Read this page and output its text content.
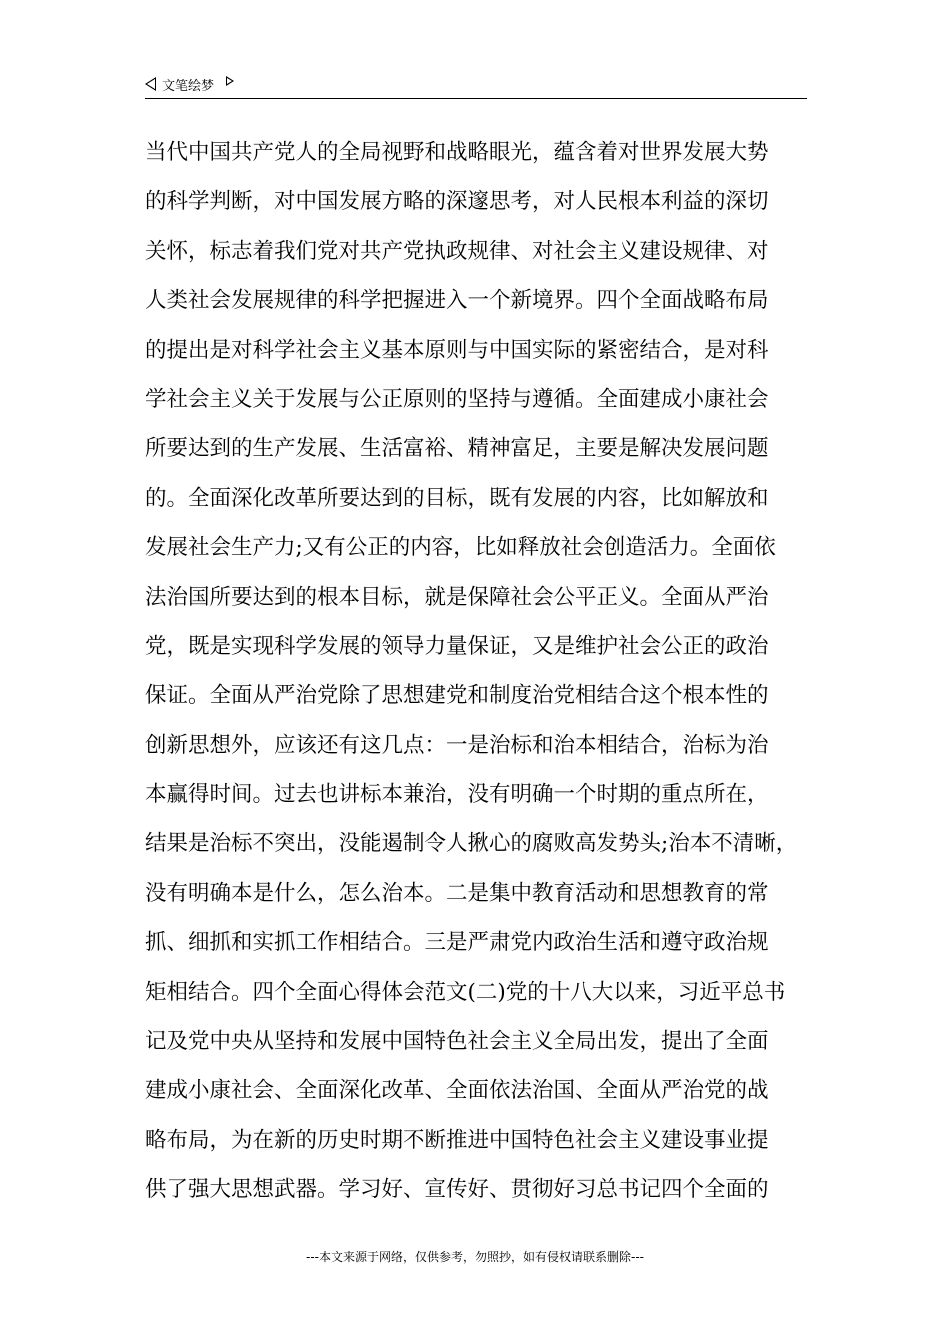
文笔绘梦
当代中国共产党人的全局视野和战略眼光，蕴含着对世界发展大势
的科学判断，对中国发展方略的深邃思考，对人民根本利益的深切
关怀，标志着我们党对共产党执政规律、对社会主义建设规律、对
人类社会发展规律的科学把握进入一个新境界。四个全面战略布局
的提出是对科学社会主义基本原则与中国实际的紧密结合，是对科
学社会主义关于发展与公正原则的坚持与遵循。全面建成小康社会
所要达到的生产发展、生活富裕、精神富足，主要是解决发展问题
的。全面深化改革所要达到的目标，既有发展的内容，比如解放和
发展社会生产力;又有公正的内容，比如释放社会创造活力。全面依
法治国所要达到的根本目标，就是保障社会公平正义。全面从严治
党，既是实现科学发展的领导力量保证，又是维护社会公正的政治
保证。全面从严治党除了思想建党和制度治党相结合这个根本性的
创新思想外，应该还有这几点：一是治标和治本相结合，治标为治
本赢得时间。过去也讲标本兼治，没有明确一个时期的重点所在，
结果是治标不突出，没能遏制令人揪心的腐败高发势头;治本不清晰，
没有明确本是什么，怎么治本。二是集中教育活动和思想教育的常
抓、细抓和实抓工作相结合。三是严肃党内政治生活和遵守政治规
矩相结合。四个全面心得体会范文(二)党的十八大以来，习近平总书
记及党中央从坚持和发展中国特色社会主义全局出发，提出了全面
建成小康社会、全面深化改革、全面依法治国、全面从严治党的战
略布局，为在新的历史时期不断推进中国特色社会主义建设事业提
供了强大思想武器。学习好、宣传好、贯彻好习总书记四个全面的
---本文来源于网络，仅供参考，勿照抄，如有侵权请联系删除---
